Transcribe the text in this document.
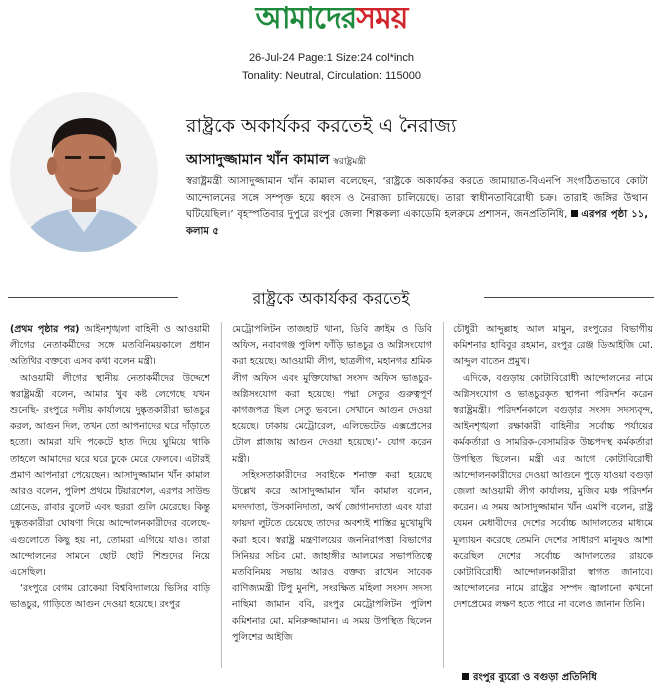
আমাদেরসময়
26-Jul-24 Page:1 Size:24 col*inch
Tonality: Neutral, Circulation: 115000
রাষ্ট্রকে অকার্যকর করতেই এ নৈরাজ্য
আসাদুজ্জামান খাঁন কামাল স্বরাষ্ট্রমন্ত্রী
স্বরাষ্ট্রমন্ত্রী আসাদুজ্জামান খাঁন কামাল বলেছেন, ‘রাষ্ট্রকে অকার্যকর করতে জামায়াত-বিএনপি সংগঠিতভাবে কোটা আন্দোলনের সঙ্গে সম্পৃক্ত হয়ে ধ্বংস ও নৈরাজ্য চালিয়েছে। তারা স্বাধীনতাবিরোধী চক্র। তারাই জঙ্গির উত্থান ঘটিয়েছিল।’ বৃহস্পতিবার দুপুরে রংপুর জেলা শিল্পকলা একাডেমি হলরুমে প্রশাসন, জনপ্রতিনিধি, এরপর পৃষ্ঠা ১১, কলাম ৫
রাষ্ট্রকে অকার্যকর করতেই

(প্রথম পৃষ্ঠার পর) আইনশৃঙ্খলা বাহিনী ও আওয়ামী লীগের নেতাকর্মীদের সঙ্গে মতবিনিময়কালে প্রধান অতিথির বক্তব্যে এসব কথা বলেন মন্ত্রী।

আওয়ামী লীগের স্থানীয় নেতাকর্মীদের উদ্দেশে স্বরাষ্ট্রমন্ত্রী বলেন, আমার খুব কষ্ট লেগেছে যখন শুনেছি- রংপুরে দলীয় কার্যালয়ে দুষ্কৃতকারীরা ভাঙচুর করল, আগুন দিল, তখন তো আপনাদের ঘরে দাঁড়াতে হতো। আমরা যদি পকেটে হাত দিয়ে ঘুমিয়ে থাকি তাহলে আমাদের ঘরে ঘরে ঢুকে মেরে ফেলবে। এটারই প্রমাণ আপনারা পেয়েছেন। আসাদুজ্জামান খাঁন কামাল আরও বলেন, পুলিশ প্রথমে টিয়ারশেল, এরপর সাউন্ড গ্রেনেড, রাবার বুলেট এবং ছররা গুলি মেরেছে। কিন্তু দুষ্কৃতকারীরা ঘোষণা দিয়ে আন্দোলনকারীদের বলেছে- এগুলোতে কিছু হয় না, তোমরা এগিয়ে যাও। তারা আন্দোলনের সামনে ছোট ছোট শিশুদের নিয়ে এসেছিল।

‘রংপুরে বেগম রোকেয়া বিশ্ববিদ্যালয়ে ভিসির বাড়ি ভাঙচুর, গাড়িতে আগুন দেওয়া হয়েছে। রংপুর

মেট্রোপলিটন তাজহাট থানা, ডিবি ক্রাইম ও ডিবি অফিস, নবাবগঞ্জ পুলিশ ফাঁড়ি ভাঙচুর ও অগ্নিসংযোগ করা হয়েছে। আওয়ামী লীগ, ছাত্রলীগ, মহানগর শ্রমিক লীগ অফিস এবং মুক্তিযোদ্ধা সংসদ অফিস ভাঙচুর-অগ্নিসংযোগ করা হয়েছে। পদ্মা সেতুর গুরুত্বপূর্ণ কাগজপত্র ছিল সেতু ভবনে। সেখানে আগুন দেওয়া হয়েছে। ঢাকায় মেট্রোরেল, এলিভেটেড এক্সপ্রেসের টোল প্লাজায় আগুন দেওয়া হয়েছে।’- যোগ করেন মন্ত্রী।

সহিংসতাকারীদের সবাইকে শনাক্ত করা হয়েছে উল্লেখ করে আসাদুজ্জামান খাঁন কামাল বলেন, মদদদাতা, উসকানিদাতা, অর্থ জোগানদাতা এবং যারা ফায়দা লুটতে চেয়েছে তাদের অবশ্যই শাস্তির মুখোমুখি করা হবে। স্বরাষ্ট্র মন্ত্রণালয়ের জননিরাপত্তা বিভাগের সিনিয়র সচিব মো. জাহাঙ্গীর আলমের সভাপতিত্বে মতবিনিময় সভায় আরও বক্তব্য রাখেন সাবেক বাণিজ্যমন্ত্রী টিপু মুনশি, সংরক্ষিত মহিলা সংসদ সদস্য নাছিমা জামান ববি, রংপুর মেট্রোপলিটন পুলিশ কমিশনার মো. মনিরুজ্জামান। এ সময় উপস্থিত ছিলেন পুলিশের আইজি

চৌধুরী আব্দুল্লাহ আল মামুন, রংপুরের বিভাগীয় কমিশনার হাবিবুর রহমান, রংপুর রেঞ্জ ডিআইজি মো. আব্দুল বাতেন প্রমুখ।

এদিকে, বগুড়ায় কোটাবিরোধী আন্দোলনের নামে অগ্নিসংযোগ ও ভাঙচুরকৃত স্থাপনা পরিদর্শন করেন স্বরাষ্ট্রমন্ত্রী। পরিদর্শনকালে বগুড়ার সংসদ সদস্যবৃন্দ, আইনশৃঙ্খলা রক্ষাকারী বাহিনীর সর্বোচ্চ পর্যায়ের কর্মকর্তারা ও সামরিক-বেসামরিক উচ্চপদস্থ কর্মকর্তারা উপস্থিত ছিলেন। মন্ত্রী এর আগে কোটাবিরোধী আন্দোলনকারীদের দেওয়া আগুনে পুড়ে যাওয়া বগুড়া জেলা আওয়ামী লীগ কার্যালয়, মুজিব মঞ্চ পরিদর্শন করেন। এ সময় আসাদুজ্জামান খাঁন এমপি বলেন, রাষ্ট্র যেমন মেধাবীদের দেশের সর্বোচ্চ আদালতের মাধ্যমে মূল্যায়ন করেছে তেমনি দেশের সাধারণ মানুষও আশা করেছিল দেশের সর্বোচ্চ আদালতের রায়কে কোটাবিরোধী আন্দোলনকারীরা স্বাগত জানাবে। আন্দোলনের নামে রাষ্ট্রের সম্পদ জ্বালানো কখনো দেশপ্রেমের লক্ষণ হতে পারে না বলেও জানান তিনি।

রংপুর ব্যুরো ও বগুড়া প্রতিনিধি
